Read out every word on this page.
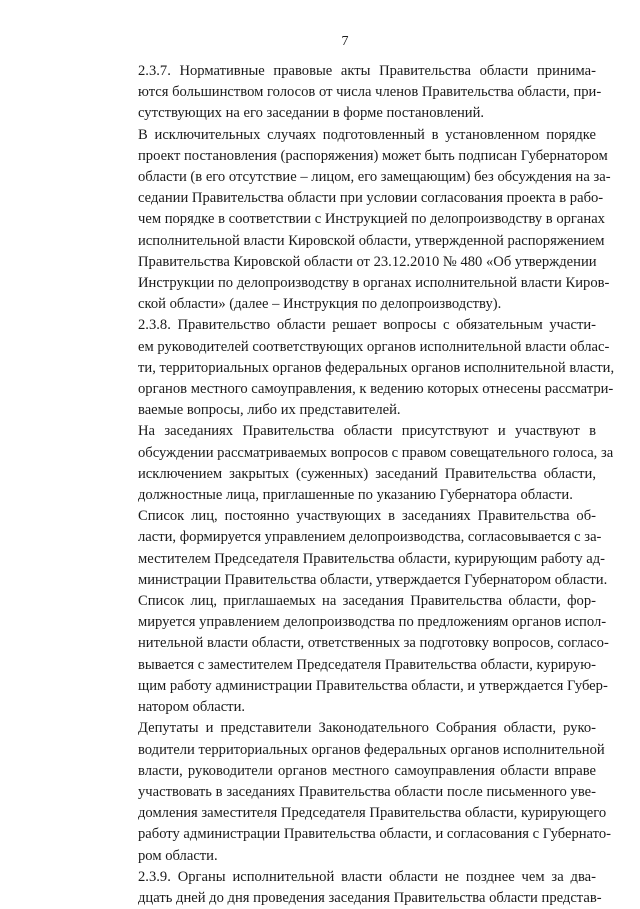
7

2.3.7. Нормативные правовые акты Правительства области принима-
ются большинством голосов от числа членов Правительства области, при-
сутствующих на его заседании в форме постановлений.

В исключительных случаях подготовленный в установленном порядке
проект постановления (распоряжения) может быть подписан Губернатором
области (в его отсутствие – лицом, его замещающим) без обсуждения на за-
седании Правительства области при условии согласования проекта в рабо-
чем порядке в соответствии с Инструкцией по делопроизводству в органах
исполнительной власти Кировской области, утвержденной распоряжением
Правительства Кировской области от 23.12.2010 № 480 «Об утверждении
Инструкции по делопроизводству в органах исполнительной власти Киров-
ской области» (далее – Инструкция по делопроизводству).

2.3.8. Правительство области решает вопросы с обязательным участи-
ем руководителей соответствующих органов исполнительной власти облас-
ти, территориальных органов федеральных органов исполнительной власти,
органов местного самоуправления, к ведению которых отнесены рассматри-
ваемые вопросы, либо их представителей.

На заседаниях Правительства области присутствуют и участвуют в
обсуждении рассматриваемых вопросов с правом совещательного голоса, за
исключением закрытых (суженных) заседаний Правительства области,
должностные лица, приглашенные по указанию Губернатора области.

Список лиц, постоянно участвующих в заседаниях Правительства об-
ласти, формируется управлением делопроизводства, согласовывается с за-
местителем Председателя Правительства области, курирующим работу ад-
министрации Правительства области, утверждается Губернатором области.

Список лиц, приглашаемых на заседания Правительства области, фор-
мируется управлением делопроизводства по предложениям органов испол-
нительной власти области, ответственных за подготовку вопросов, согласо-
вывается с заместителем Председателя Правительства области, курирую-
щим работу администрации Правительства области, и утверждается Губер-
натором области.

Депутаты и представители Законодательного Собрания области, руко-
водители территориальных органов федеральных органов исполнительной
власти, руководители органов местного самоуправления области вправе
участвовать в заседаниях Правительства области после письменного уве-
домления заместителя Председателя Правительства области, курирующего
работу администрации Правительства области, и согласования с Губернато-
ром области.

2.3.9. Органы исполнительной власти области не позднее чем за два-
дцать дней до дня проведения заседания Правительства области представ-
